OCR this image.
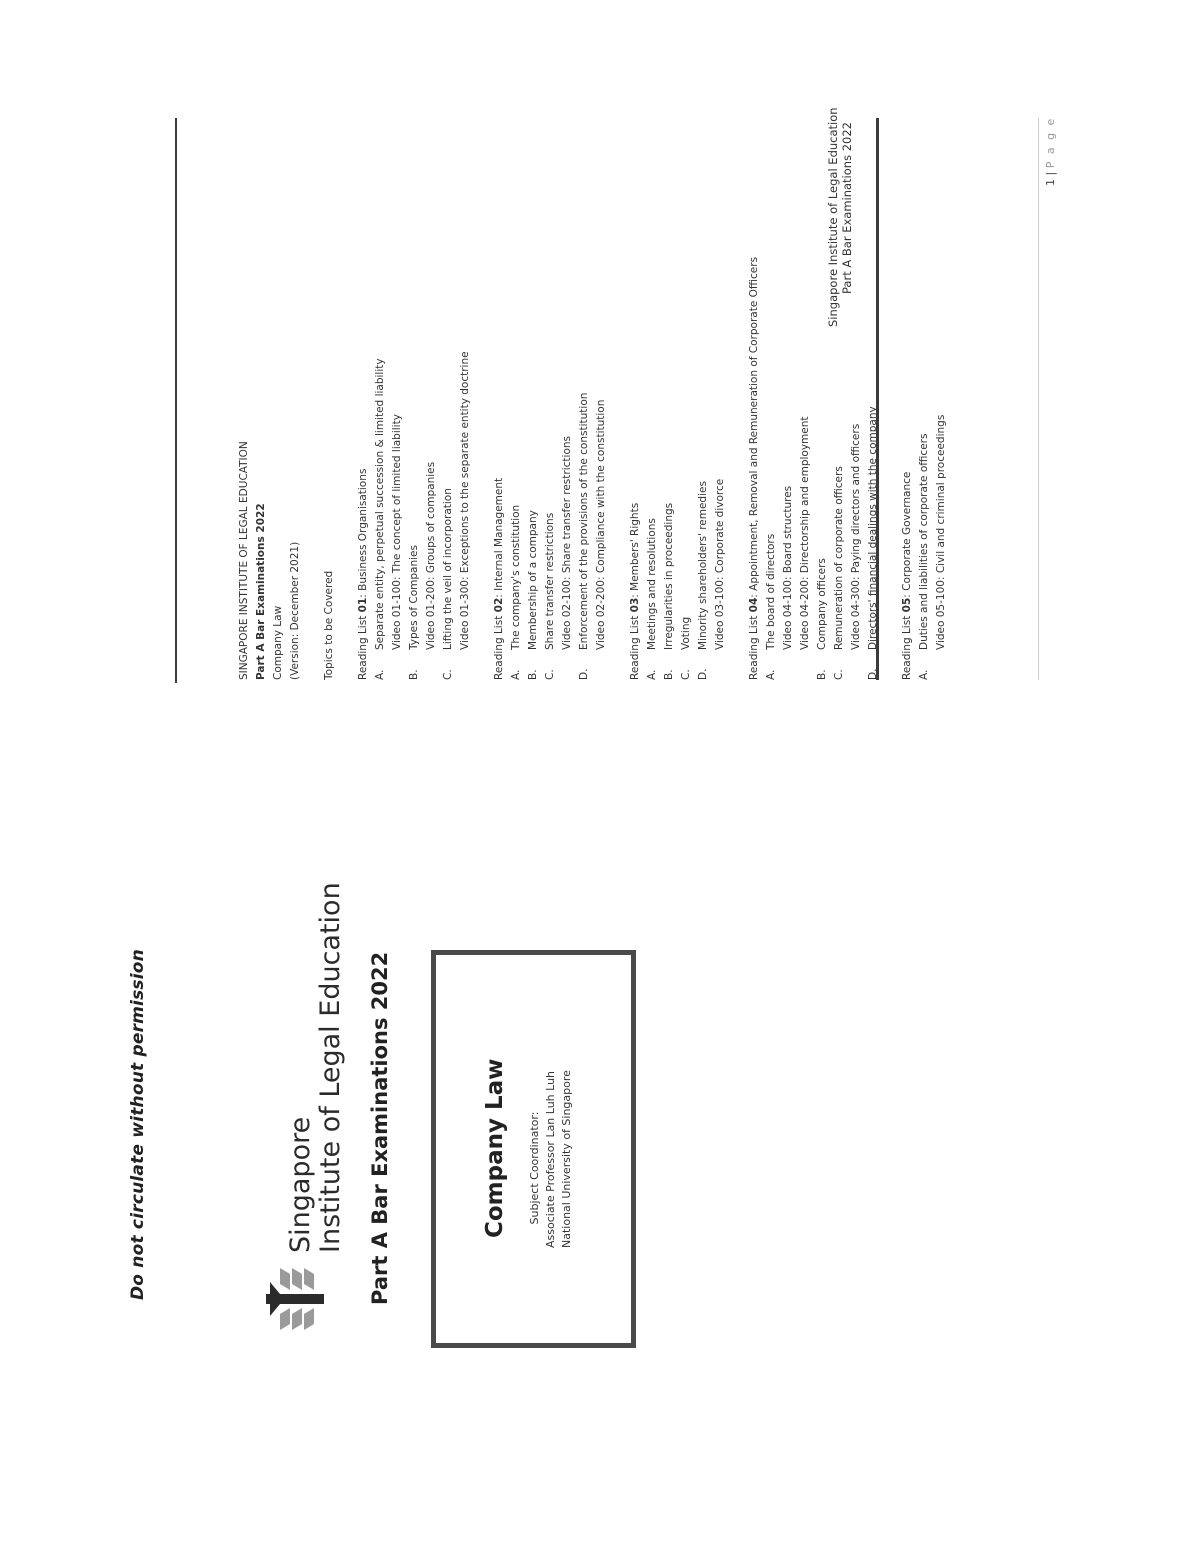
Do not circulate without permission	Singapore Institute of Legal Education Part A Bar Examinations 2022	Company Law Subject Coordinator: Associate Professor Lan Luh Luh National University of Singapore
Singapore Institute of Legal Education Part A Bar Examinations 2022
SINGAPORE INSTITUTE OF LEGAL EDUCATION Part A Bar Examinations 2022 Company Law (Version: December 2021) Topics to be Covered Reading List 01: Business Organisations
A.Separate entity, perpetual succession & limited liability Video 01-100: The concept of limited liability
B.Types of Companies Video 01-200: Groups of companies
C.Lifting the veil of incorporation Video 01-300: Exceptions to the separate entity doctrine Reading List 02: Internal Management
A.The company's constitution
B.Membership of a company
C.Share transfer restrictions Video 02-100: Share transfer restrictions
D.Enforcement of the provisions of the constitution Video 02-200: Compliance with the constitution Reading List 03: Members' Rights
A.Meetings and resolutions
B.Irregularities in proceedings
C.Voting
D.Minority shareholders' remedies Video 03-100: Corporate divorce Reading List 04: Appointment, Removal and Remuneration of Corporate Officers
A.The board of directors Video 04-100: Board structures Video 04-200: Directorship and employment
B.Company officers
C.Remuneration of corporate officers Video 04-300: Paying directors and officers
D.Directors' financial dealings with the company Reading List 05: Corporate Governance
A.Duties and liabilities of corporate officers Video 05-100: Civil and criminal proceedings
1 | P a g e
